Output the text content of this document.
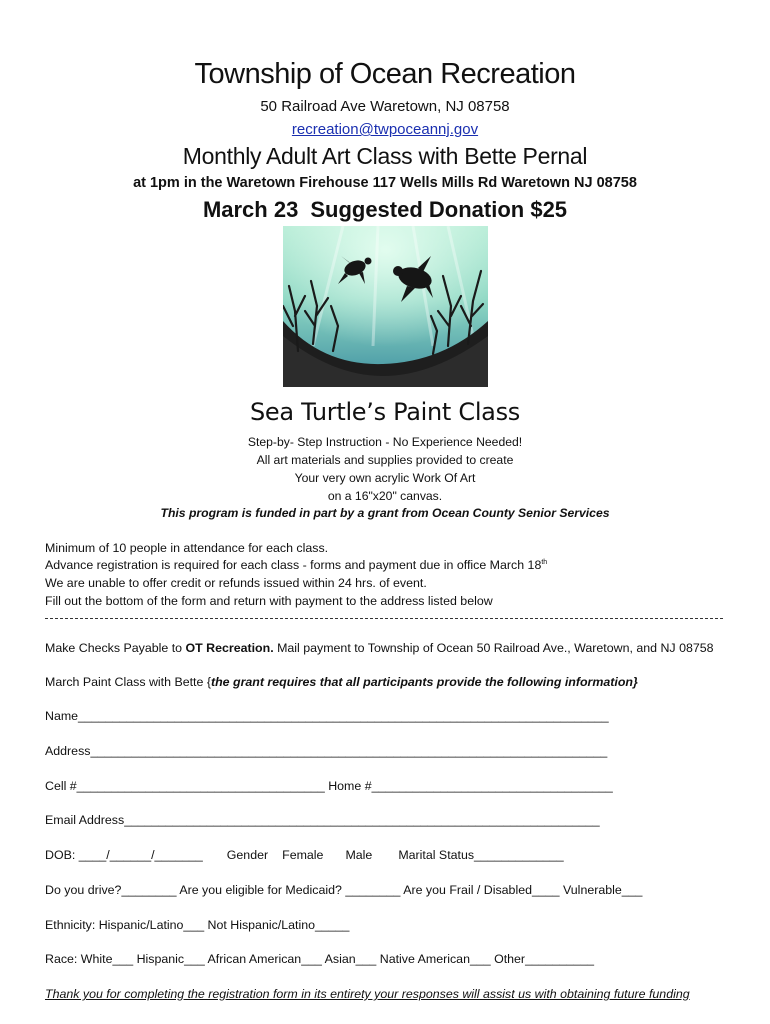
Township of Ocean Recreation
50 Railroad Ave Waretown, NJ 08758
recreation@twpoceannj.gov
Monthly Adult Art Class with Bette Pernal
at 1pm in the Waretown Firehouse 117 Wells Mills Rd Waretown NJ 08758
March 23 Suggested Donation $25
Sea Turtle’s Paint Class
Step-by- Step Instruction - No Experience Needed!
All art materials and supplies provided to create
Your very own acrylic Work Of Art
on a 16"x20" canvas.
This program is funded in part by a grant from Ocean County Senior Services
Minimum of 10 people in attendance for each class.
Advance registration is required for each class - forms and payment due in office March 18th
We are unable to offer credit or refunds issued within 24 hrs. of event.
Fill out the bottom of the form and return with payment to the address listed below
Make Checks Payable to OT Recreation. Mail payment to Township of Ocean 50 Railroad Ave., Waretown, and NJ 08758
March Paint Class with Bette {the grant requires that all participants provide the following information}
Name_____________________________________________________________________________
Address___________________________________________________________________________
Cell #____________________________________ Home #___________________________________
Email Address_____________________________________________________________________
DOB: ____/______/_______ Gender Female Male Marital Status_____________
Do you drive?________ Are you eligible for Medicaid? ________ Are you Frail / Disabled____ Vulnerable___
Ethnicity: Hispanic/Latino___ Not Hispanic/Latino_____
Race: White___ Hispanic___ African American___ Asian___ Native American___ Other__________
Thank you for completing the registration form in its entirety your responses will assist us with obtaining future funding
